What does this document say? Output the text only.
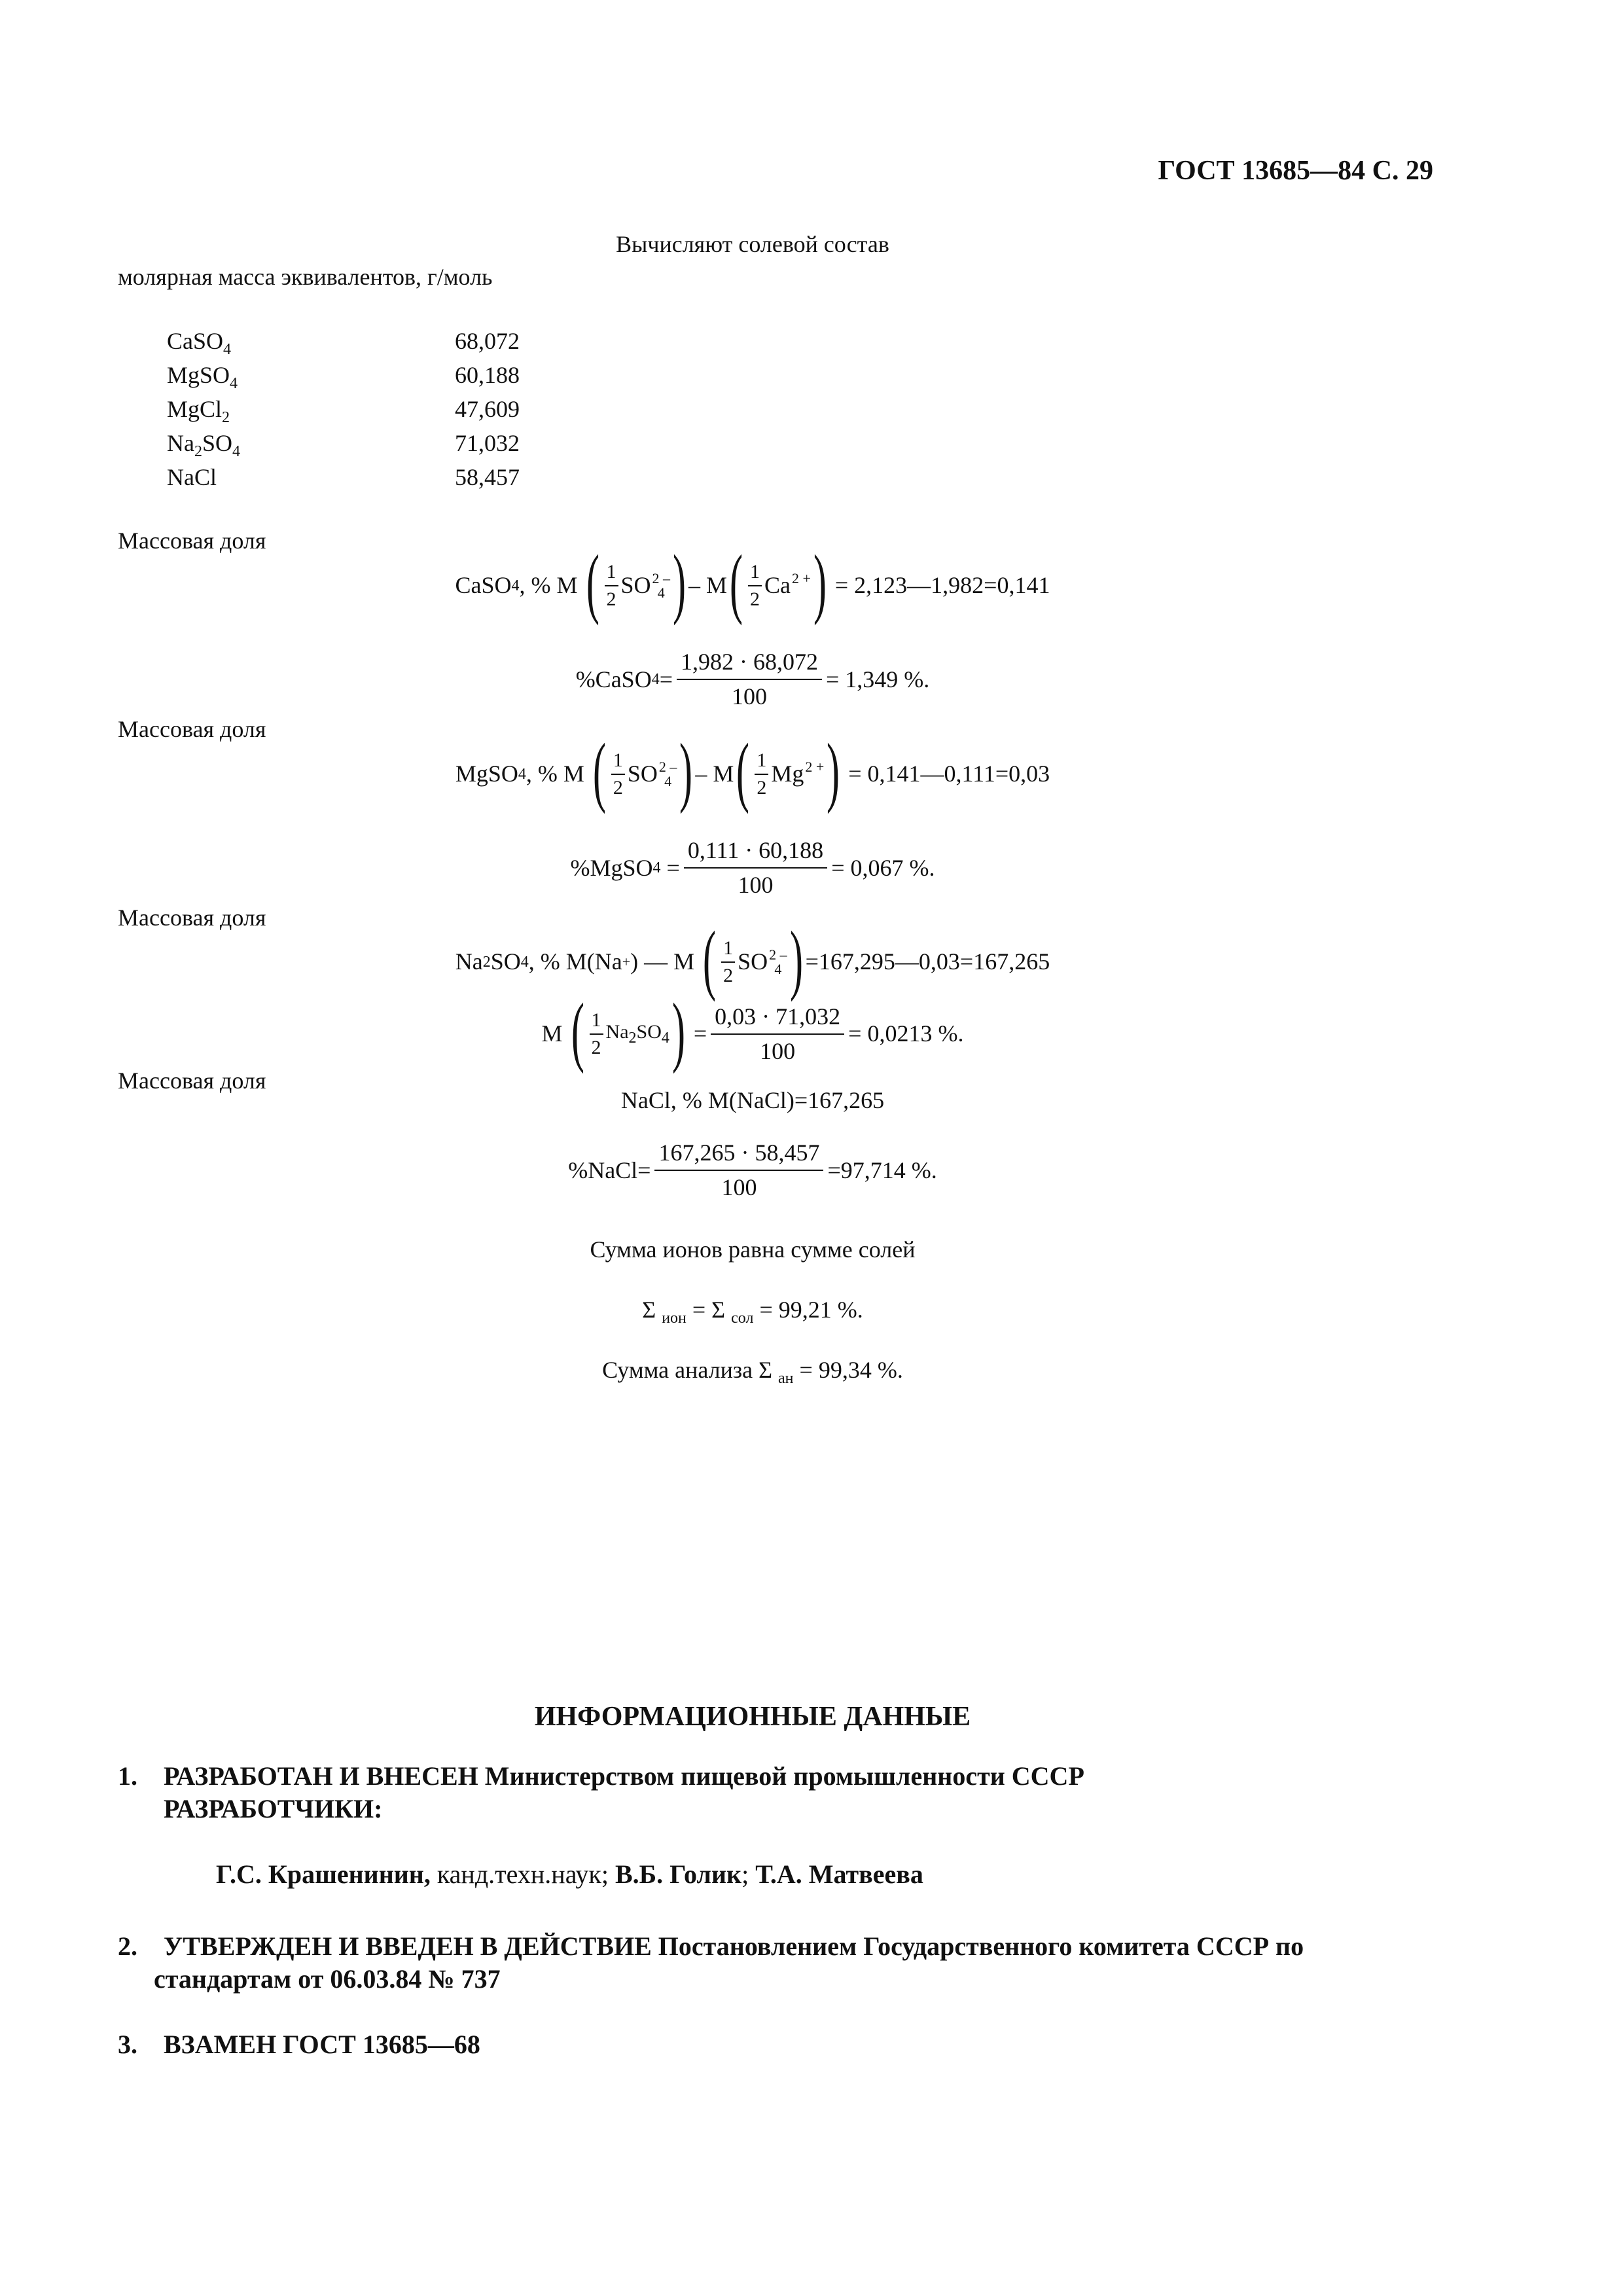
ГОСТ 13685—84 С. 29
Вычисляют солевой состав
молярная масса эквивалентов, г/моль
CaSO$_4$	68,072
MgSO$_4$	60,188
MgCl$_2$	47,609
$Na_2SO_4$	71,032
NaCl	58,457
Массовая доля
CaSO 4 , % M
( $\frac{1}{2}$ SO 2 –
4 ) – M ( $\frac{1}{2}$ Ca 2 +
)
= 2,123—1,982=0,141
%CaSO $4 = \frac{1,982 \cdot 68,072}{100} = 1,349$ %.
Массовая доля
MgSO 4 , % M
( $\frac{1}{2}$ SO 2 –
4 ) – M ( $\frac{1}{2}$ Mg 2 +
)
= 0,141—0,111=0,03
%MgSO 4
= $\frac{0,111 \cdot 60,188}{100} = 0,067$ %.
Массовая доля
Na 2 SO 4 , % M(Na + ) — M
( $\frac{1}{2}$ SO 2 –
4 ) =167,295—0,03=167,265
M
( $\frac{1}{2} Na_2SO_4$ )
= $\frac{0,03 \cdot 71,032}{100} = 0,0213$ %.
Массовая доля
NaCl, % M(NaCl)=167,265
%NaCl= $\frac{167,265 \cdot 58,457}{100} =97,714$ %.
Сумма ионов равна сумме солей
Σ $_{ион}$ = Σ $_{сол}$ = 99,21 %.
Сумма анализа Σ $_{ан}$ = 99,34 %.
ИНФОРМАЦИОННЫЕ ДАННЫЕ
1. РАЗРАБОТАН И ВНЕСЕН Министерством пищевой промышленности СССР
РАЗРАБОТЧИКИ:
Г.С. Крашенинин, канд.техн.наук; В.Б. Голик; Т.А. Матвеева
2. УТВЕРЖДЕН И ВВЕДЕН В ДЕЙСТВИЕ Постановлением Государственного комитета СССР по
стандартам от 06.03.84 № 737
3. ВЗАМЕН ГОСТ 13685—68
